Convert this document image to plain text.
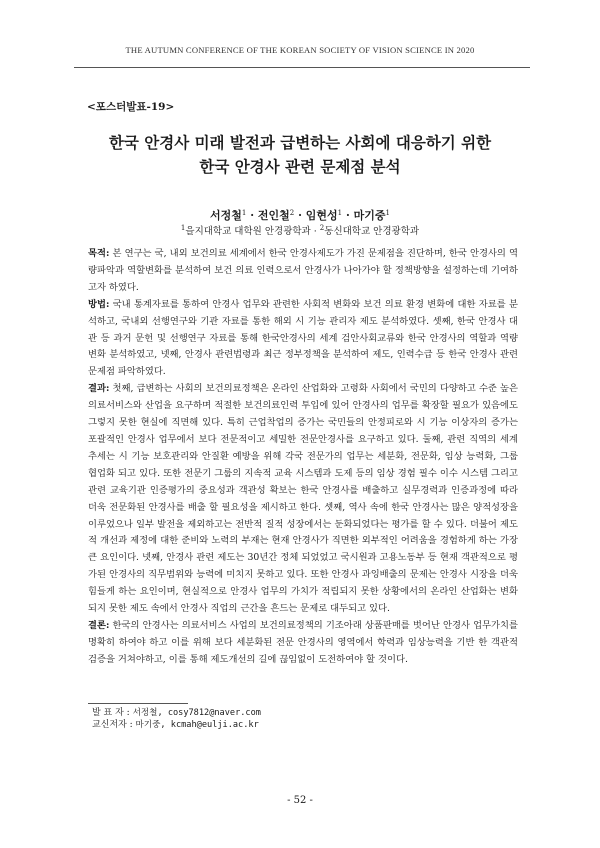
THE AUTUMN CONFERENCE OF THE KOREAN SOCIETY OF VISION SCIENCE IN 2020
<포스터발표-19>
한국 안경사 미래 발전과 급변하는 사회에 대응하기 위한
한국 안경사 관련 문제점 분석
서정철$^1$ · 전인철$^2$ · 임현성$^1$ · 마기중$^1$
$^1$을지대학교 대학원 안경광학과 · $^2$동신대학교 안경광학과

목적: 본 연구는 국, 내외 보건의료 세계에서 한국 안경사제도가 가진 문제점을 진단하며, 한국 안경사의 역량파악과 역할변화를 분석하여 보건 의료 인력으로서 안경사가 나아가야 할 정책방향을 설정하는데 기여하고자 하였다.

방법: 국내 통계자료를 통하여 안경사 업무와 관련한 사회적 변화와 보건 의료 환경 변화에 대한 자료를 분석하고, 국내외 선행연구와 기관 자료를 통한 해외 시 기능 관리자 제도 분석하였다. 셋째, 한국 안경사 대관 등 과거 문헌 및 선행연구 자료를 통해 한국안경사의 세계 검안사회교류와 한국 안경사의 역할과 역량 변화 분석하였고, 넷째, 안경사 관련법령과 최근 정부정책을 분석하여 제도, 인력수급 등 한국 안경사 관련 문제점 파악하였다.

결과: 첫째, 급변하는 사회의 보건의료정책은 온라인 산업화와 고령화 사회에서 국민의 다양하고 수준 높은 의료서비스와 산업을 요구하며 적절한 보건의료인력 투입에 있어 안경사의 업무를 확장할 필요가 있음에도 그렇지 못한 현실에 직면해 있다. 특히 근업착업의 증가는 국민들의 안정피로와 시 기능 이상자의 증가는 포괄적인 안경사 업무에서 보다 전문적이고 세밀한 전문안경사를 요구하고 있다. 둘째, 관련 직역의 세계 추세는 시 기능 보호관리와 안질환 예방을 위해 각국 전문가의 업무는 세분화, 전문화, 임상 능력화, 그룹 협업화 되고 있다. 또한 전문기 그룹의 지속적 교육 시스템과 도제 등의 임상 경험 필수 이수 시스템 그리고 관련 교육기관 인증평가의 중요성과 객관성 확보는 한국 안경사를 배출하고 실무경력과 인증과정에 따라 더욱 전문화된 안경사를 배출 할 필요성을 제시하고 한다. 셋째, 역사 속에 한국 안경사는 많은 양적성장을 이루었으나 일부 발전을 제외하고는 전반적 질적 성장에서는 둔화되었다는 평가를 할 수 있다. 더불어 제도적 개선과 제정에 대한 준비와 노력의 부재는 현재 안경사가 직면한 외부적인 어려움을 경험하게 하는 가장 큰 요인이다. 넷째, 안경사 관련 제도는 30년간 정체 되었었고 국시원과 고용노동부 등 현재 객관적으로 평가된 안경사의 직무범위와 능력에 미치지 못하고 있다. 또한 안경사 과잉배출의 문제는 안경사 시장을 더욱 힘들게 하는 요인이며, 현실적으로 안경사 업무의 가치가 적립되지 못한 상황에서의 온라인 산업화는 변화되지 못한 제도 속에서 안경사 직업의 근간을 흔드는 문제로 대두되고 있다.

결론: 한국의 안경사는 의료서비스 사업의 보건의료정책의 기조아래 상품판매를 벗어난 안경사 업무가치를 명확히 하여야 하고 이를 위해 보다 세분화된 전문 안경사의 영역에서 학력과 임상능력을 기반 한 객관적 검증을 거쳐야하고, 이를 통해 제도개선의 길에 끊임없이 도전하여야 할 것이다.

발 표 자 : 서정철, cosy7812@naver.com
교신저자 : 마기중, kcmah@eulji.ac.kr
- 52 -
